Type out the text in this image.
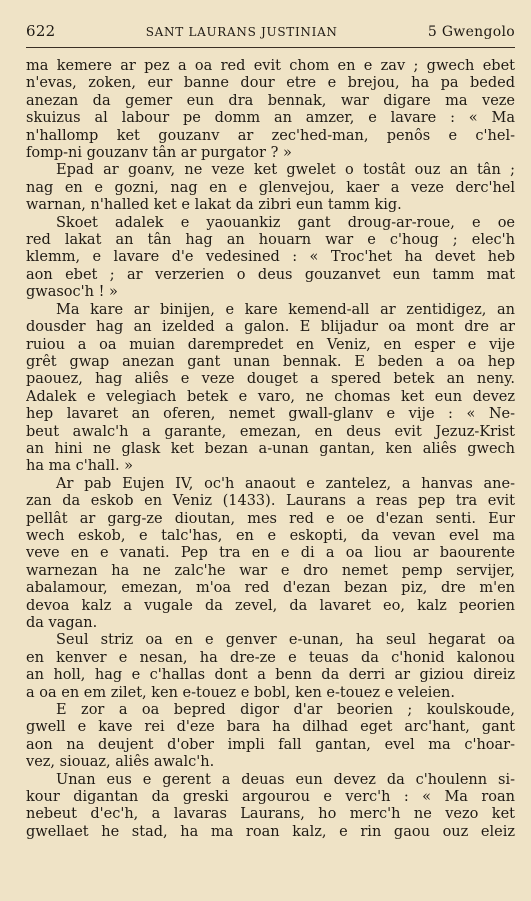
622	SANT LAURANS JUSTINIAN	5 Gwengolo
ma kemere ar pez a oa red evit chom en e zav ; gwech ebet
n'evas, zoken, eur banne dour etre e brejou, ha pa beded
anezan da gemer eun dra bennak, war digare ma veze
skuizus al labour pe domm an amzer, e lavare : « Ma
n'hallomp ket gouzanv ar zec'hed-man, penôs e c'hel-
fomp-ni gouzanv tân ar purgator ? »
Epad ar goanv, ne veze ket gwelet o tostât ouz an tân ;
nag en e gozni, nag en e glenvejou, kaer a veze derc'hel
warnan, n'halled ket e lakat da zibri eun tamm kig.
Skoet adalek e yaouankiz gant droug-ar-roue, e oe
red lakat an tân hag an houarn war e c'houg ; elec'h
klemm, e lavare d'e vedesined : « Troc'het ha devet heb
aon ebet ; ar verzerien o deus gouzanvet eun tamm mat
gwasoc'h ! »
Ma kare ar binijen, e kare kemend-all ar zentidigez, an
dousder hag an izelded a galon. E blijadur oa mont dre ar
ruiou a oa muian darempredet en Veniz, en esper e vije
grêt gwap anezan gant unan bennak. E beden a oa hep
paouez, hag aliês e veze douget a spered betek an neny.
Adalek e velegiach betek e varo, ne chomas ket eun devez
hep lavaret an oferen, nemet gwall-glanv e vije : « Ne-
beut awalc'h a garante, emezan, en deus evit Jezuz-Krist
an hini ne glask ket bezan a-unan gantan, ken aliês gwech
ha ma c'hall. »
Ar pab Eujen IV, oc'h anaout e zantelez, a hanvas ane-
zan da eskob en Veniz (1433). Laurans a reas pep tra evit
pellât ar garg-ze dioutan, mes red e oe d'ezan senti. Eur
wech eskob, e talc'has, en e eskopti, da vevan evel ma
veve en e vanati. Pep tra en e di a oa liou ar baourente
warnezan ha ne zalc'he war e dro nemet pemp servijer,
abalamour, emezan, m'oa red d'ezan bezan piz, dre m'en
devoa kalz a vugale da zevel, da lavaret eo, kalz peorien
da vagan.
Seul striz oa en e genver e-unan, ha seul hegarat oa
en kenver e nesan, ha dre-ze e teuas da c'honid kalonou
an holl, hag e c'hallas dont a benn da derri ar giziou direiz
a oa en em zilet, ken e-touez e bobl, ken e-touez e veleien.
E zor a oa bepred digor d'ar beorien ; koulskoude,
gwell e kave rei d'eze bara ha dilhad eget arc'hant, gant
aon na deujent d'ober impli fall gantan, evel ma c'hoar-
vez, siouaz, aliês awalc'h.
Unan eus e gerent a deuas eun devez da c'houlenn si-
kour digantan da greski argourou e verc'h : « Ma roan
nebeut d'ec'h, a lavaras Laurans, ho merc'h ne vezo ket
gwellaet he stad, ha ma roan kalz, e rin gaou ouz eleiz
